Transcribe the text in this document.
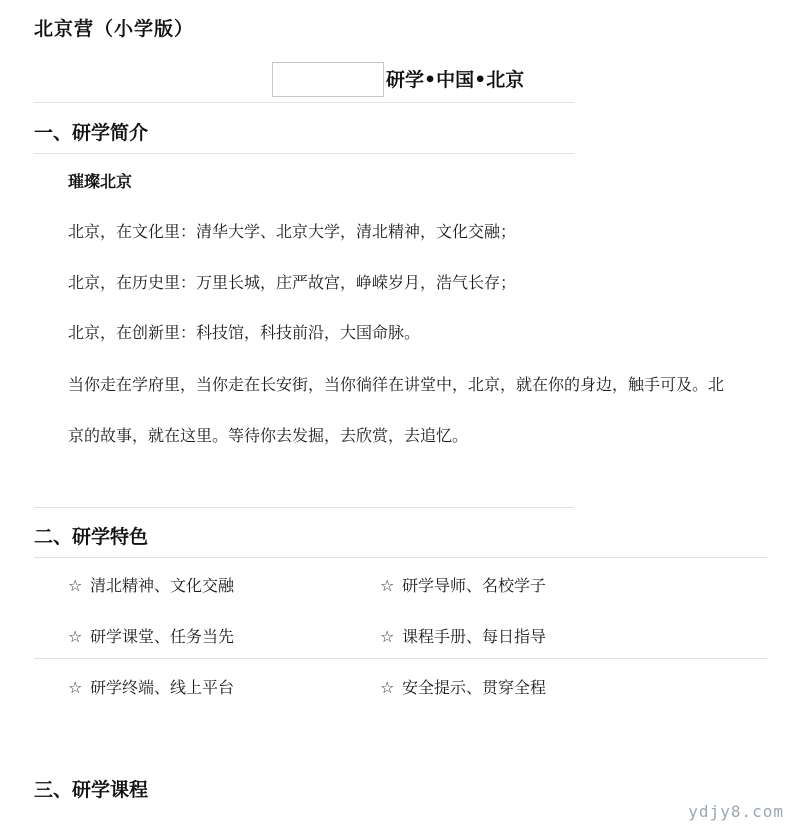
北京营（小学版）
研学•中国•北京
一、研学简介
璀璨北京
北京，在文化里：清华大学、北京大学，清北精神，文化交融；
北京，在历史里：万里长城，庄严故宫，峥嵘岁月，浩气长存；
北京，在创新里：科技馆，科技前沿，大国命脉。
当你走在学府里，当你走在长安街，当你徜徉在讲堂中，北京，就在你的身边，触手可及。北
京的故事，就在这里。等待你去发掘，去欣赏，去追忆。
二、研学特色
☆ 清北精神、文化交融	☆ 研学导师、名校学子
☆ 研学课堂、任务当先	☆ 课程手册、每日指导
☆ 研学终端、线上平台	☆ 安全提示、贯穿全程
三、研学课程
ydjy8.com
